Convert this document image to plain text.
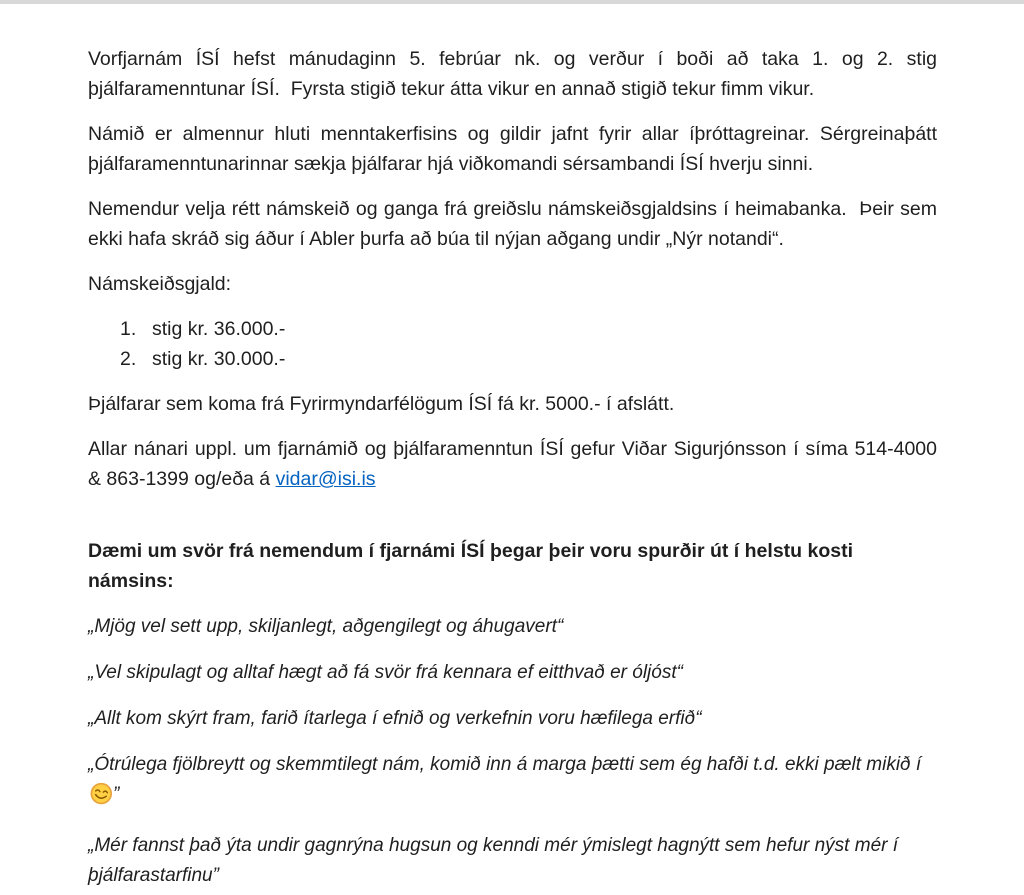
Vorfjarnám ÍSÍ hefst mánudaginn 5. febrúar nk. og verður í boði að taka 1. og 2. stig þjálfaramenntunar ÍSÍ.  Fyrsta stigið tekur átta vikur en annað stigið tekur fimm vikur.

Námið er almennur hluti menntakerfisins og gildir jafnt fyrir allar íþróttagreinar. Sérgreinaþátt þjálfaramenntunarinnar sækja þjálfarar hjá viðkomandi sérsambandi ÍSÍ hverju sinni.

Nemendur velja rétt námskeið og ganga frá greiðslu námskeiðsgjaldsins í heimabanka.  Þeir sem ekki hafa skráð sig áður í Abler þurfa að búa til nýjan aðgang undir „Nýr notandi“.

Námskeiðsgjald:

1. stig kr. 36.000.-
2. stig kr. 30.000.-

Þjálfarar sem koma frá Fyrirmyndarfélögum ÍSÍ fá kr. 5000.- í afslátt.

Allar nánari uppl. um fjarnámið og þjálfaramenntun ÍSÍ gefur Viðar Sigurjónsson í síma 514-4000 & 863-1399 og/eða á vidar@isi.is

Dæmi um svör frá nemendum í fjarnámi ÍSÍ þegar þeir voru spurðir út í helstu kosti námsins:

„Mjög vel sett upp, skiljanlegt, aðgengilegt og áhugavert“

„Vel skipulagt og alltaf hægt að fá svör frá kennara ef eitthvað er óljóst“

„Allt kom skýrt fram, farið ítarlega í efnið og verkefnin voru hæfilega erfið“

„Ótrúlega fjölbreytt og skemmtilegt nám, komið inn á marga þætti sem ég hafði t.d. ekki pælt mikið í ”

„Mér fannst það ýta undir gagnrýna hugsun og kenndi mér ýmislegt hagnýtt sem hefur nýst mér í þjálfarastarfinu”
